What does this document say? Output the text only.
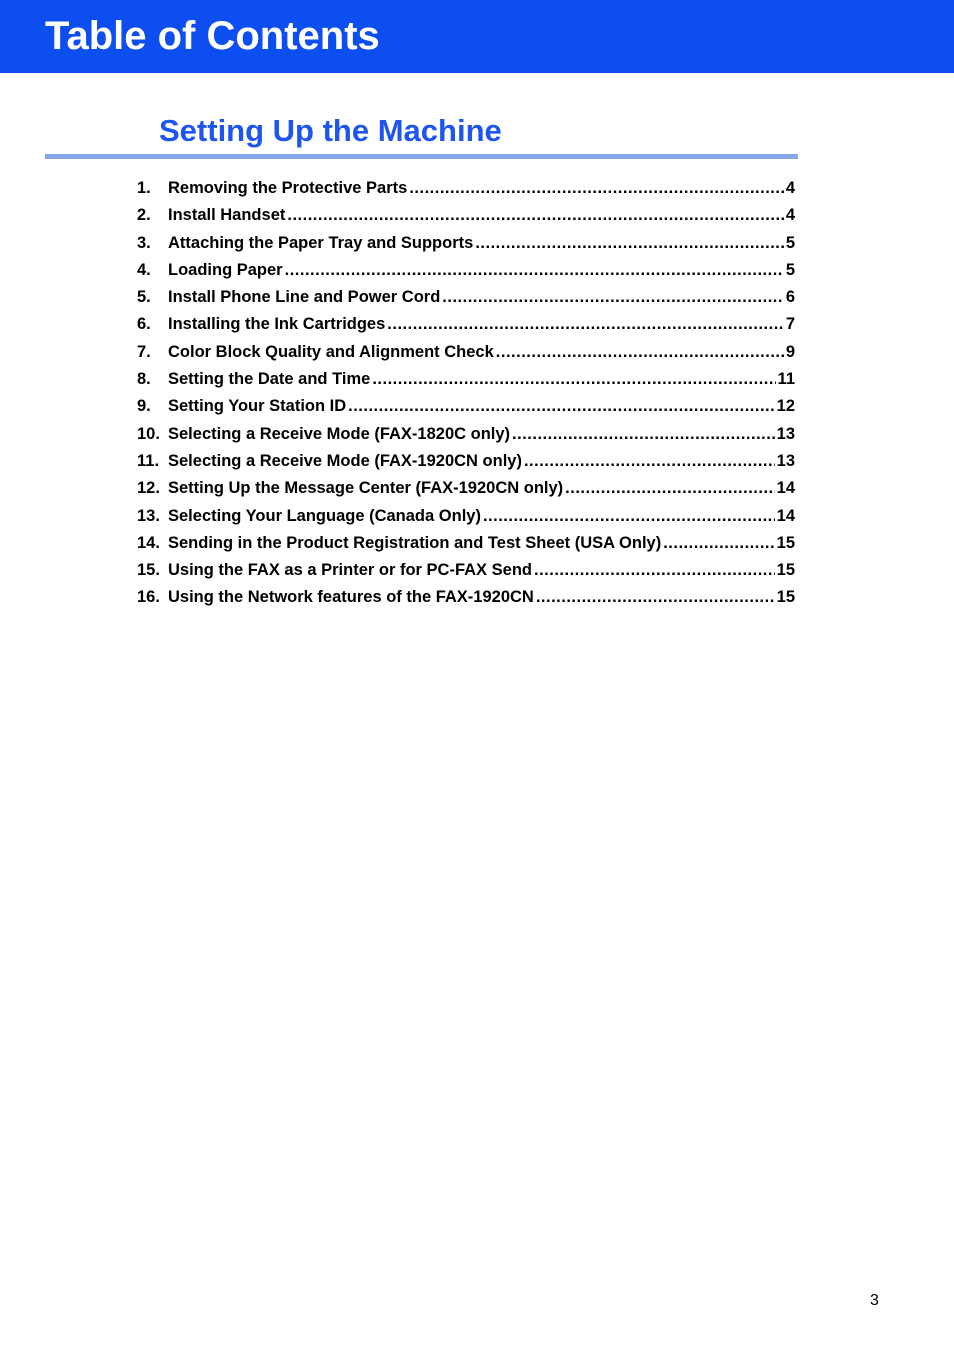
Table of Contents
Setting Up the Machine
1.	Removing the Protective Parts .....	4
2.	Install Handset .....	4
3.	Attaching the Paper Tray and Supports .....	5
4.	Loading Paper .....	5
5.	Install Phone Line and Power Cord .....	6
6.	Installing the Ink Cartridges .....	7
7.	Color Block Quality and Alignment Check .....	9
8.	Setting the Date and Time .....	11
9.	Setting Your Station ID .....	12
10. Selecting a Receive Mode (FAX-1820C only) .....	13
11. Selecting a Receive Mode (FAX-1920CN only) .....	13
12. Setting Up the Message Center (FAX-1920CN only) .....	14
13. Selecting Your Language (Canada Only) .....	14
14. Sending in the Product Registration and Test Sheet (USA Only) .....	15
15. Using the FAX as a Printer or for PC-FAX Send .....	15
16. Using the Network features of the FAX-1920CN .....	15
3
